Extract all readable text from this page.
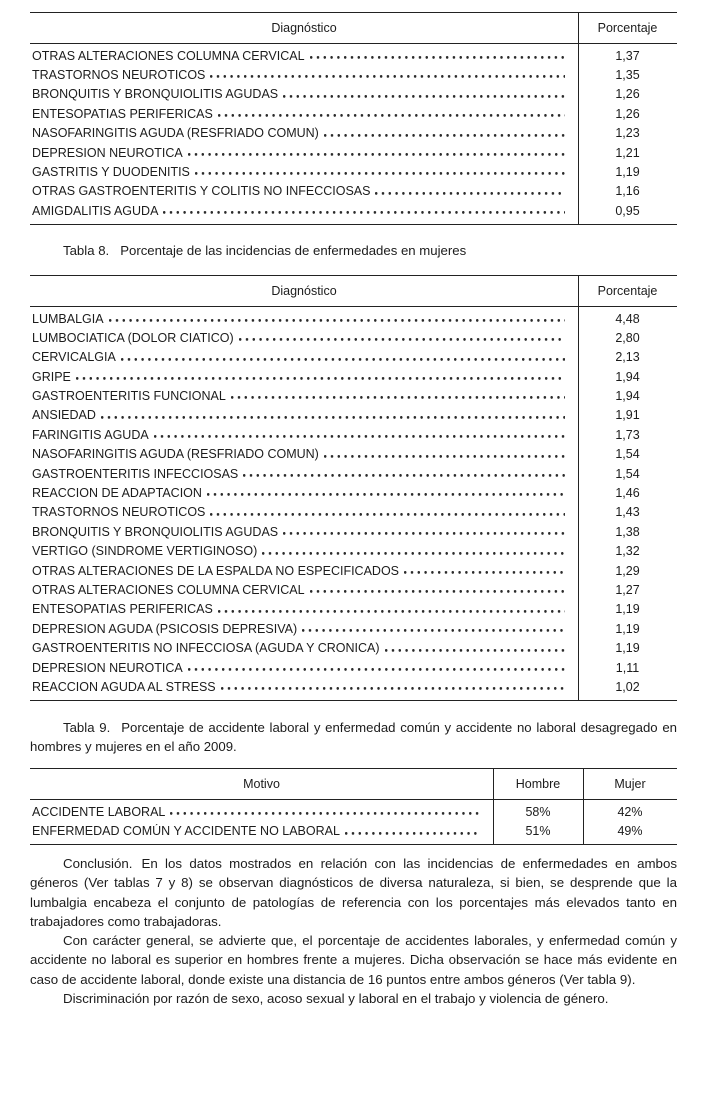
Diagnóstico	Porcentaje
OTRAS ALTERACIONES COLUMNA CERVICAL	1,37
TRASTORNOS NEUROTICOS	1,35
BRONQUITIS Y BRONQUIOLITIS AGUDAS	1,26
ENTESOPATIAS PERIFERICAS	1,26
NASOFARINGITIS AGUDA (RESFRIADO COMUN)	1,23
DEPRESION NEUROTICA	1,21
GASTRITIS Y DUODENITIS	1,19
OTRAS GASTROENTERITIS Y COLITIS NO INFECCIOSAS	1,16
AMIGDALITIS AGUDA	0,95

Tabla 8. Porcentaje de las incidencias de enfermedades en mujeres

Diagnóstico	Porcentaje
LUMBALGIA	4,48
LUMBOCIATICA (DOLOR CIATICO)	2,80
CERVICALGIA	2,13
GRIPE	1,94
GASTROENTERITIS FUNCIONAL	1,94
ANSIEDAD	1,91
FARINGITIS AGUDA	1,73
NASOFARINGITIS AGUDA (RESFRIADO COMUN)	1,54
GASTROENTERITIS INFECCIOSAS	1,54
REACCION DE ADAPTACION	1,46
TRASTORNOS NEUROTICOS	1,43
BRONQUITIS Y BRONQUIOLITIS AGUDAS	1,38
VERTIGO (SINDROME VERTIGINOSO)	1,32
OTRAS ALTERACIONES DE LA ESPALDA NO ESPECIFICADOS	1,29
OTRAS ALTERACIONES COLUMNA CERVICAL	1,27
ENTESOPATIAS PERIFERICAS	1,19
DEPRESION AGUDA (PSICOSIS DEPRESIVA)	1,19
GASTROENTERITIS NO INFECCIOSA (AGUDA Y CRONICA)	1,19
DEPRESION NEUROTICA	1,11
REACCION AGUDA AL STRESS	1,02

Tabla 9. Porcentaje de accidente laboral y enfermedad común y accidente no laboral desagregado en hombres y mujeres en el año 2009.

Motivo	Hombre	Mujer
ACCIDENTE LABORAL	58%	42%
ENFERMEDAD COMÚN Y ACCIDENTE NO LABORAL	51%	49%

Conclusión. En los datos mostrados en relación con las incidencias de enfermedades en ambos géneros (Ver tablas 7 y 8) se observan diagnósticos de diversa naturaleza, si bien, se desprende que la lumbalgia encabeza el conjunto de patologías de referencia con los porcentajes más elevados tanto en trabajadores como trabajadoras.

Con carácter general, se advierte que, el porcentaje de accidentes laborales, y enfermedad común y accidente no laboral es superior en hombres frente a mujeres. Dicha observación se hace más evidente en caso de accidente laboral, donde existe una distancia de 16 puntos entre ambos géneros (Ver tabla 9).

Discriminación por razón de sexo, acoso sexual y laboral en el trabajo y violencia de género.
